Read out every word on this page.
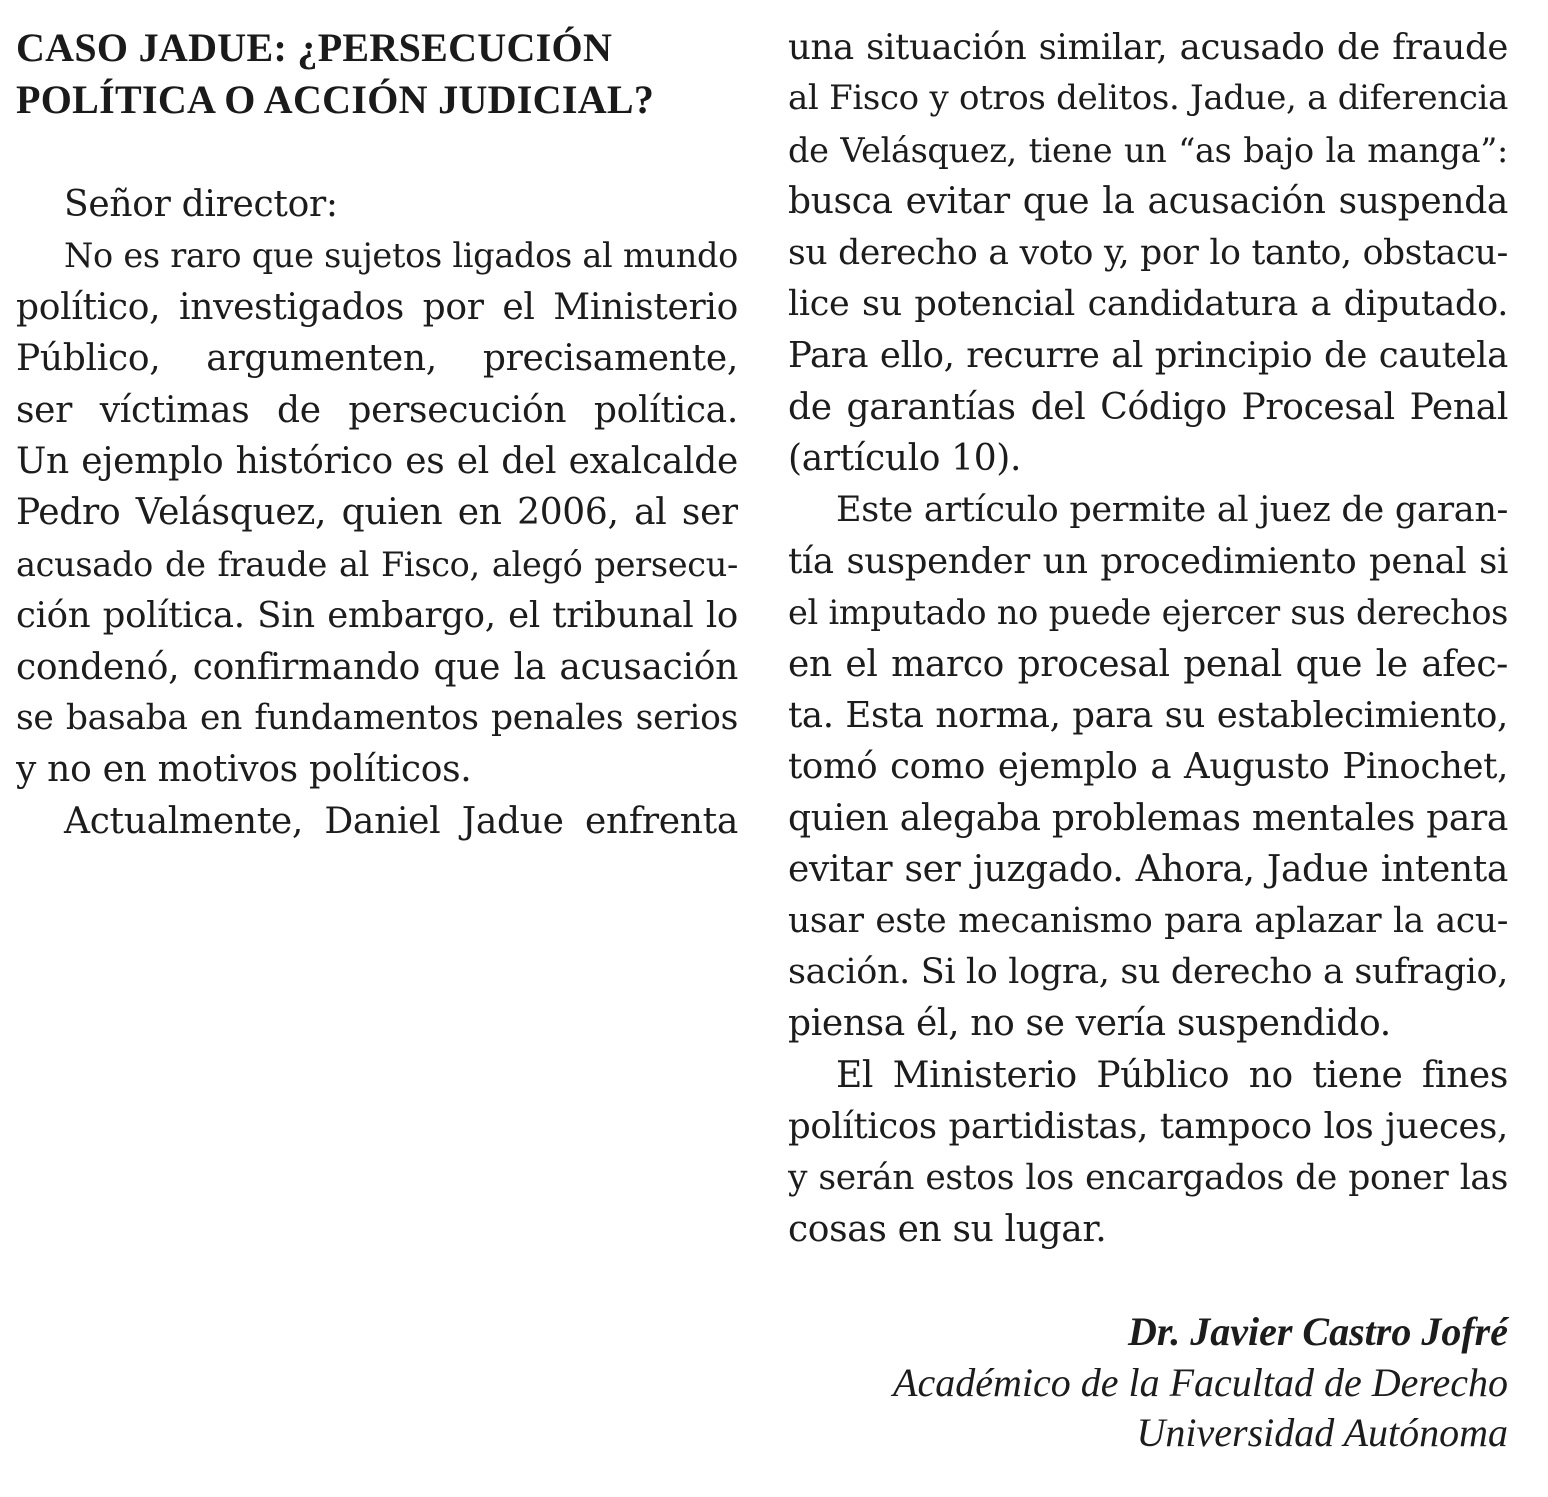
CASO JADUE: ¿PERSECUCIÓN
POLÍTICA O ACCIÓN JUDICIAL?
Señor director:
No es raro que sujetos ligados al mundo
político, investigados por el Ministerio
Público, argumenten, precisamente,
ser víctimas de persecución política.
Un ejemplo histórico es el del exalcalde
Pedro Velásquez, quien en 2006, al ser
acusado de fraude al Fisco, alegó persecu-
ción política. Sin embargo, el tribunal lo
condenó, confirmando que la acusación
se basaba en fundamentos penales serios
y no en motivos políticos.
Actualmente, Daniel Jadue enfrenta
una situación similar, acusado de fraude
al Fisco y otros delitos. Jadue, a diferencia
de Velásquez, tiene un “as bajo la manga”:
busca evitar que la acusación suspenda
su derecho a voto y, por lo tanto, obstacu-
lice su potencial candidatura a diputado.
Para ello, recurre al principio de cautela
de garantías del Código Procesal Penal
(artículo 10).
Este artículo permite al juez de garan-
tía suspender un procedimiento penal si
el imputado no puede ejercer sus derechos
en el marco procesal penal que le afec-
ta. Esta norma, para su establecimiento,
tomó como ejemplo a Augusto Pinochet,
quien alegaba problemas mentales para
evitar ser juzgado. Ahora, Jadue intenta
usar este mecanismo para aplazar la acu-
sación. Si lo logra, su derecho a sufragio,
piensa él, no se vería suspendido.
El Ministerio Público no tiene fines
políticos partidistas, tampoco los jueces,
y serán estos los encargados de poner las
cosas en su lugar.
Dr. Javier Castro Jofré
Académico de la Facultad de Derecho
Universidad Autónoma
